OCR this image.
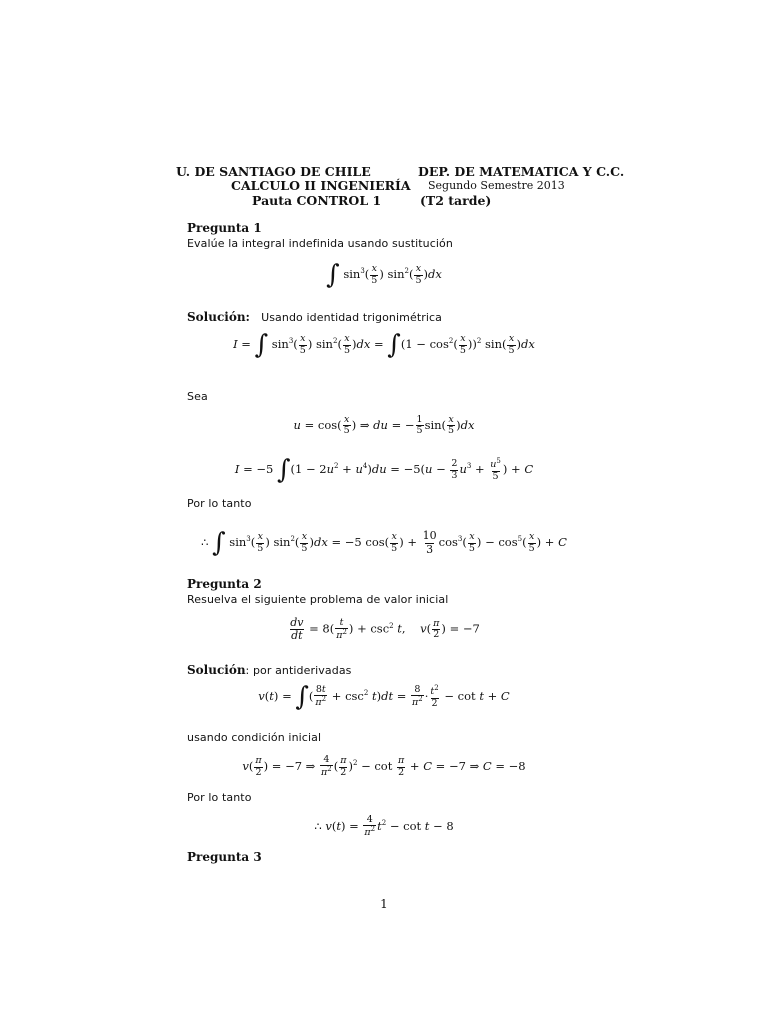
U. DE SANTIAGO DE CHILE	DEP. DE MATEMATICA Y C.C.
CALCULO II INGENIERÍA Segundo Semestre 2013
Pauta CONTROL 1	(T2 tarde)
Pregunta 1
Evalúe la integral indefinida usando sustitución
∫ $\sin^3( \frac{x}{5}$ ) $\sin^2( \frac{x}{5} )dx$
Solución: Usando identidad trigonimétrica
I = ∫ $\sin^3( \frac{x}{5}$ ) $\sin^2( \frac{x}{5} )dx = \int(1 - \cos^2( \frac{x}{5} ))^2$ $\sin( \frac{x}{5} )dx$
Sea
$u = \cos( \frac{x}{5}$ ) ⇒ du = − $\frac{1}{5} \sin( \frac{x}{5} )dx$
I = −5 $\int(1 - 2u^2 + u^4)du = -5(u - \frac{2}{3} u^3 + \frac{u^5}{5}$ ) + C
Por lo tanto
∴ ∫ $\sin^3( \frac{x}{5}$ ) $\sin^2( \frac{x}{5} )dx = -5$ $\cos( \frac{x}{5}$ ) + $\frac{10}{3} \cos^3( \frac{x}{5}$ ) − $\cos^5( \frac{x}{5}$ ) + C
Pregunta 2
Resuelva el siguiente problema de valor inicial
$\frac{dv}{dt} = 8( \frac{t}{\pi^2}$ ) + $\csc^2 t$,    $v( \frac{\pi}{2}$ ) = −7
Solución: por antiderivadas
v(t) = ∫( $\frac{8t}{\pi^2} + \csc^2 t)dt = \frac{8}{\pi^2} \cdot \frac{t^2}{2} - \cot t + C$
usando condición inicial
$v( \frac{\pi}{2}$ ) = −7 ⇒ $\frac{4}{\pi^2}$ ( $\frac{\pi}{2} )^2 - \cot \frac{\pi}{2} + C = -7$ ⇒ C = −8
Por lo tanto
∴ $v(t) = \frac{4}{\pi^2} t^2 - \cot t - 8$
Pregunta 3
1
